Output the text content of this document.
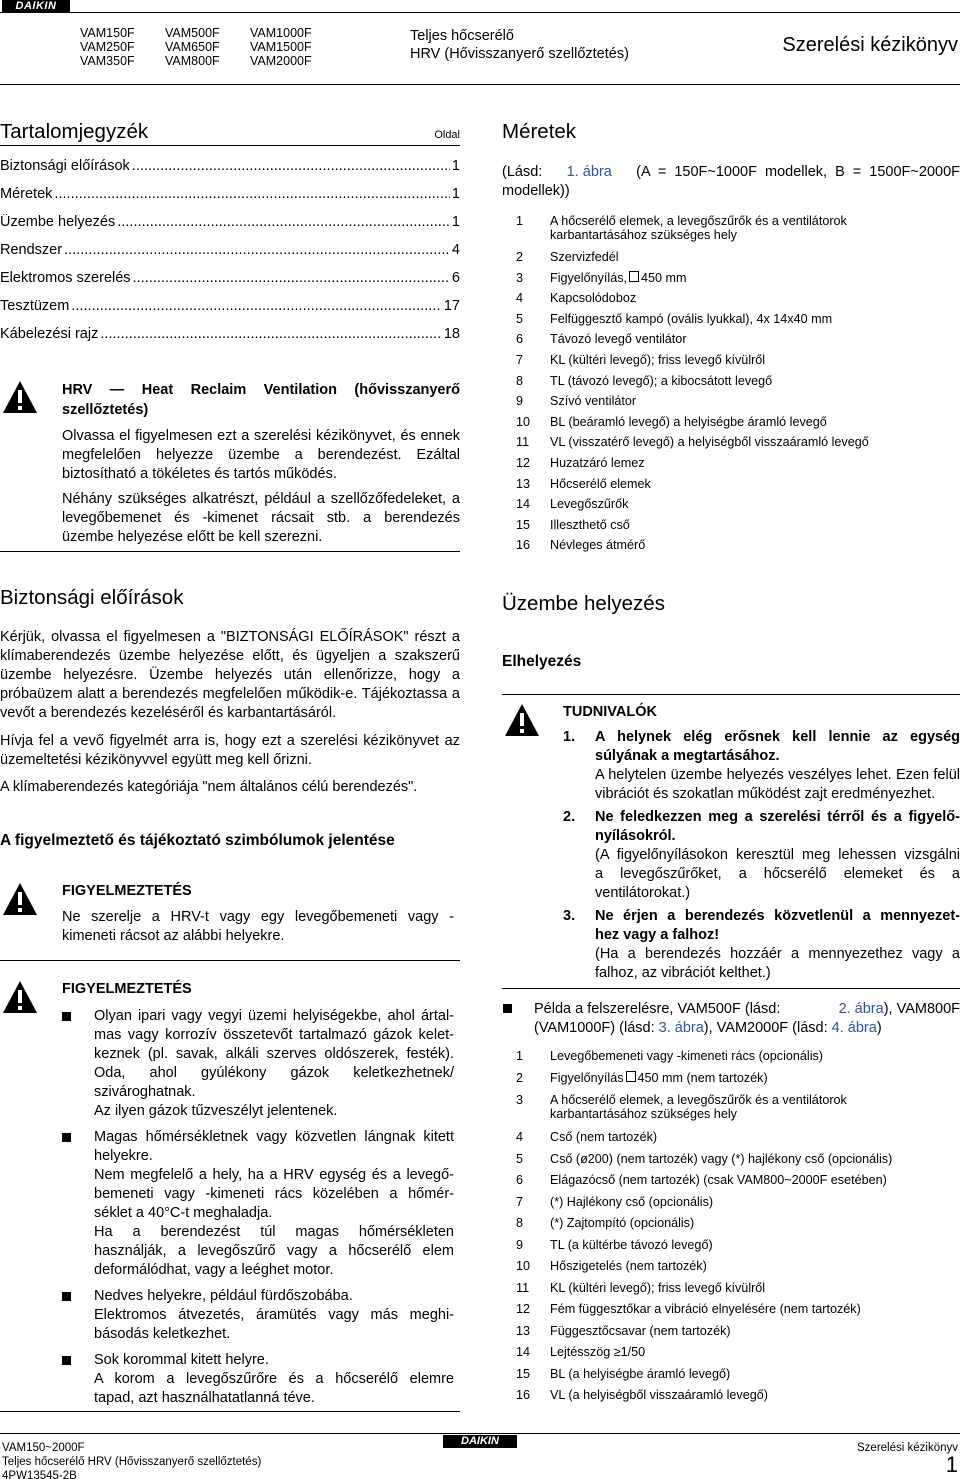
DAIKIN
VAM150F
VAM250F
VAM350F
VAM500F
VAM650F
VAM800F
VAM1000F
VAM1500F
VAM2000F
Teljes hőcserélő
HRV (Hővisszanyerő szellőztetés)	Szerelési kézikönyv
Tartalomjegyzék	Oldal
Biztonsági előírások . . .	1
Méretek . . .	1
Üzembe helyezés . . .	1
Rendszer . . .	4
Elektromos szerelés . . .	6
Tesztüzem . . .	17
Kábelezési rajz . . .	18
HRV — Heat Reclaim Ventilation (hővisszanyerő
szellőztetés)
Olvassa el figyelmesen ezt a szerelési kézikönyvet, és ennek megfelelően helyezze üzembe a berendezést. Ezáltal biztosítható a tökéletes és tartós működés.
Néhány szükséges alkatrészt, például a szellőzőfedeleket, a levegőbemenet és -kimenet rácsait stb. a berendezés üzembe helyezése előtt be kell szerezni.
Biztonsági előírások
Kérjük, olvassa el figyelmesen a "BIZTONSÁGI ELŐÍRÁSOK" részt a klímaberendezés üzembe helyezése előtt, és ügyeljen a szakszerű üzembe helyezésre. Üzembe helyezés után ellenőrizze, hogy a próbaüzem alatt a berendezés megfelelően működik-e. Tájékoztassa a vevőt a berendezés kezeléséről és karbantartásáról.
Hívja fel a vevő figyelmét arra is, hogy ezt a szerelési kézikönyvet az üzemeltetési kézikönyvvel együtt meg kell őrizni.
A klímaberendezés kategóriája "nem általános célú berendezés".
A figyelmeztető és tájékoztató szimbólumok jelentése
FIGYELMEZTETÉS
Ne szerelje a HRV-t vagy egy levegőbemeneti vagy -kimeneti rácsot az alábbi helyekre.
FIGYELMEZTETÉS
Olyan ipari vagy vegyi üzemi helyiségekbe, ahol ártal-
mas vagy korrozív összetevőt tartalmazó gázok kelet-
keznek (pl. savak, alkáli szerves oldószerek, festék).
Oda, ahol gyúlékony gázok keletkezhetnek/
szivároghatnak.
Az ilyen gázok tűzveszélyt jelentenek.
Magas hőmérsékletnek vagy közvetlen lángnak kitett
helyekre.
Nem megfelelő a hely, ha a HRV egység és a levegő-
bemeneti vagy -kimeneti rács közelében a hőmér-
séklet a 40°C-t meghaladja.
Ha a berendezést túl magas hőmérsékleten
használják, a levegőszűrő vagy a hőcserélő elem
deformálódhat, vagy a leéghet motor.
Nedves helyekre, például fürdőszobába.
Elektromos átvezetés, áramütés vagy más meghi-
básodás keletkezhet.
Sok korommal kitett helyre.
A korom a levegőszűrőre és a hőcserélő elemre
tapad, azt használhatatlanná téve.
Méretek
(Lásd: 1. ábra (A = 150F~1000F modellek, B = 1500F~2000F
modellek))
1	A hőcserélő elemek, a levegőszűrők és a ventilátorok
karbantartásához szükséges hely
2	Szervizfedél
3	Figyelőnyílás, 450 mm
4	Kapcsolódoboz
5	Felfüggesztő kampó (ovális lyukkal), 4x 14x40 mm
6	Távozó levegő ventilátor
7	KL (kültéri levegő); friss levegő kívülről
8	TL (távozó levegő); a kibocsátott levegő
9	Szívó ventilátor
10	BL (beáramló levegő) a helyiségbe áramló levegő
11	VL (visszatérő levegő) a helyiségből visszaáramló levegő
12	Huzatzáró lemez
13	Hőcserélő elemek
14	Levegőszűrők
15	Illeszthető cső
16	Névleges átmérő
Üzembe helyezés
Elhelyezés
TUDNIVALÓK
1.	A helynek elég erősnek kell lennie az egység
súlyának a megtartásához.
A helytelen üzembe helyezés veszélyes lehet. Ezen felül
vibrációt és szokatlan működést zajt eredményezhet.
2.	Ne feledkezzen meg a szerelési térről és a figyelő-
nyílásokról.
(A figyelőnyílásokon keresztül meg lehessen vizsgálni
a levegőszűrőket, a hőcserélő elemeket és a
ventilátorokat.)
3.	Ne érjen a berendezés közvetlenül a mennyezet-
hez vagy a falhoz!
(Ha a berendezés hozzáér a mennyezethez vagy a
falhoz, az vibrációt kelthet.)
Példa a felszerelésre, VAM500F (lásd:	2. ábra), VAM800F
(VAM1000F) (lásd: 3. ábra), VAM2000F (lásd: 4. ábra)
1	Levegőbemeneti vagy -kimeneti rács (opcionális)
2	Figyelőnyílás 450 mm (nem tartozék)
3	A hőcserélő elemek, a levegőszűrők és a ventilátorok
karbantartásához szükséges hely
4	Cső (nem tartozék)
5	Cső (ø200) (nem tartozék) vagy (*) hajlékony cső (opcionális)
6	Elágazócső (nem tartozék) (csak VAM800~2000F esetében)
7	(*) Hajlékony cső (opcionális)
8	(*) Zajtompító (opcionális)
9	TL (a kültérbe távozó levegő)
10	Hőszigetelés (nem tartozék)
11	KL (kültéri levegő); friss levegő kívülről
12	Fém függesztőkar a vibráció elnyelésére (nem tartozék)
13	Függesztőcsavar (nem tartozék)
14	Lejtésszög ≥1/50
15	BL (a helyiségbe áramló levegő)
16	VL (a helyiségből visszaáramló levegő)
VAM150~2000F
Teljes hőcserélő HRV (Hővisszanyerő szellőztetés)
4PW13545-2B
DAIKIN
Szerelési kézikönyv
1
